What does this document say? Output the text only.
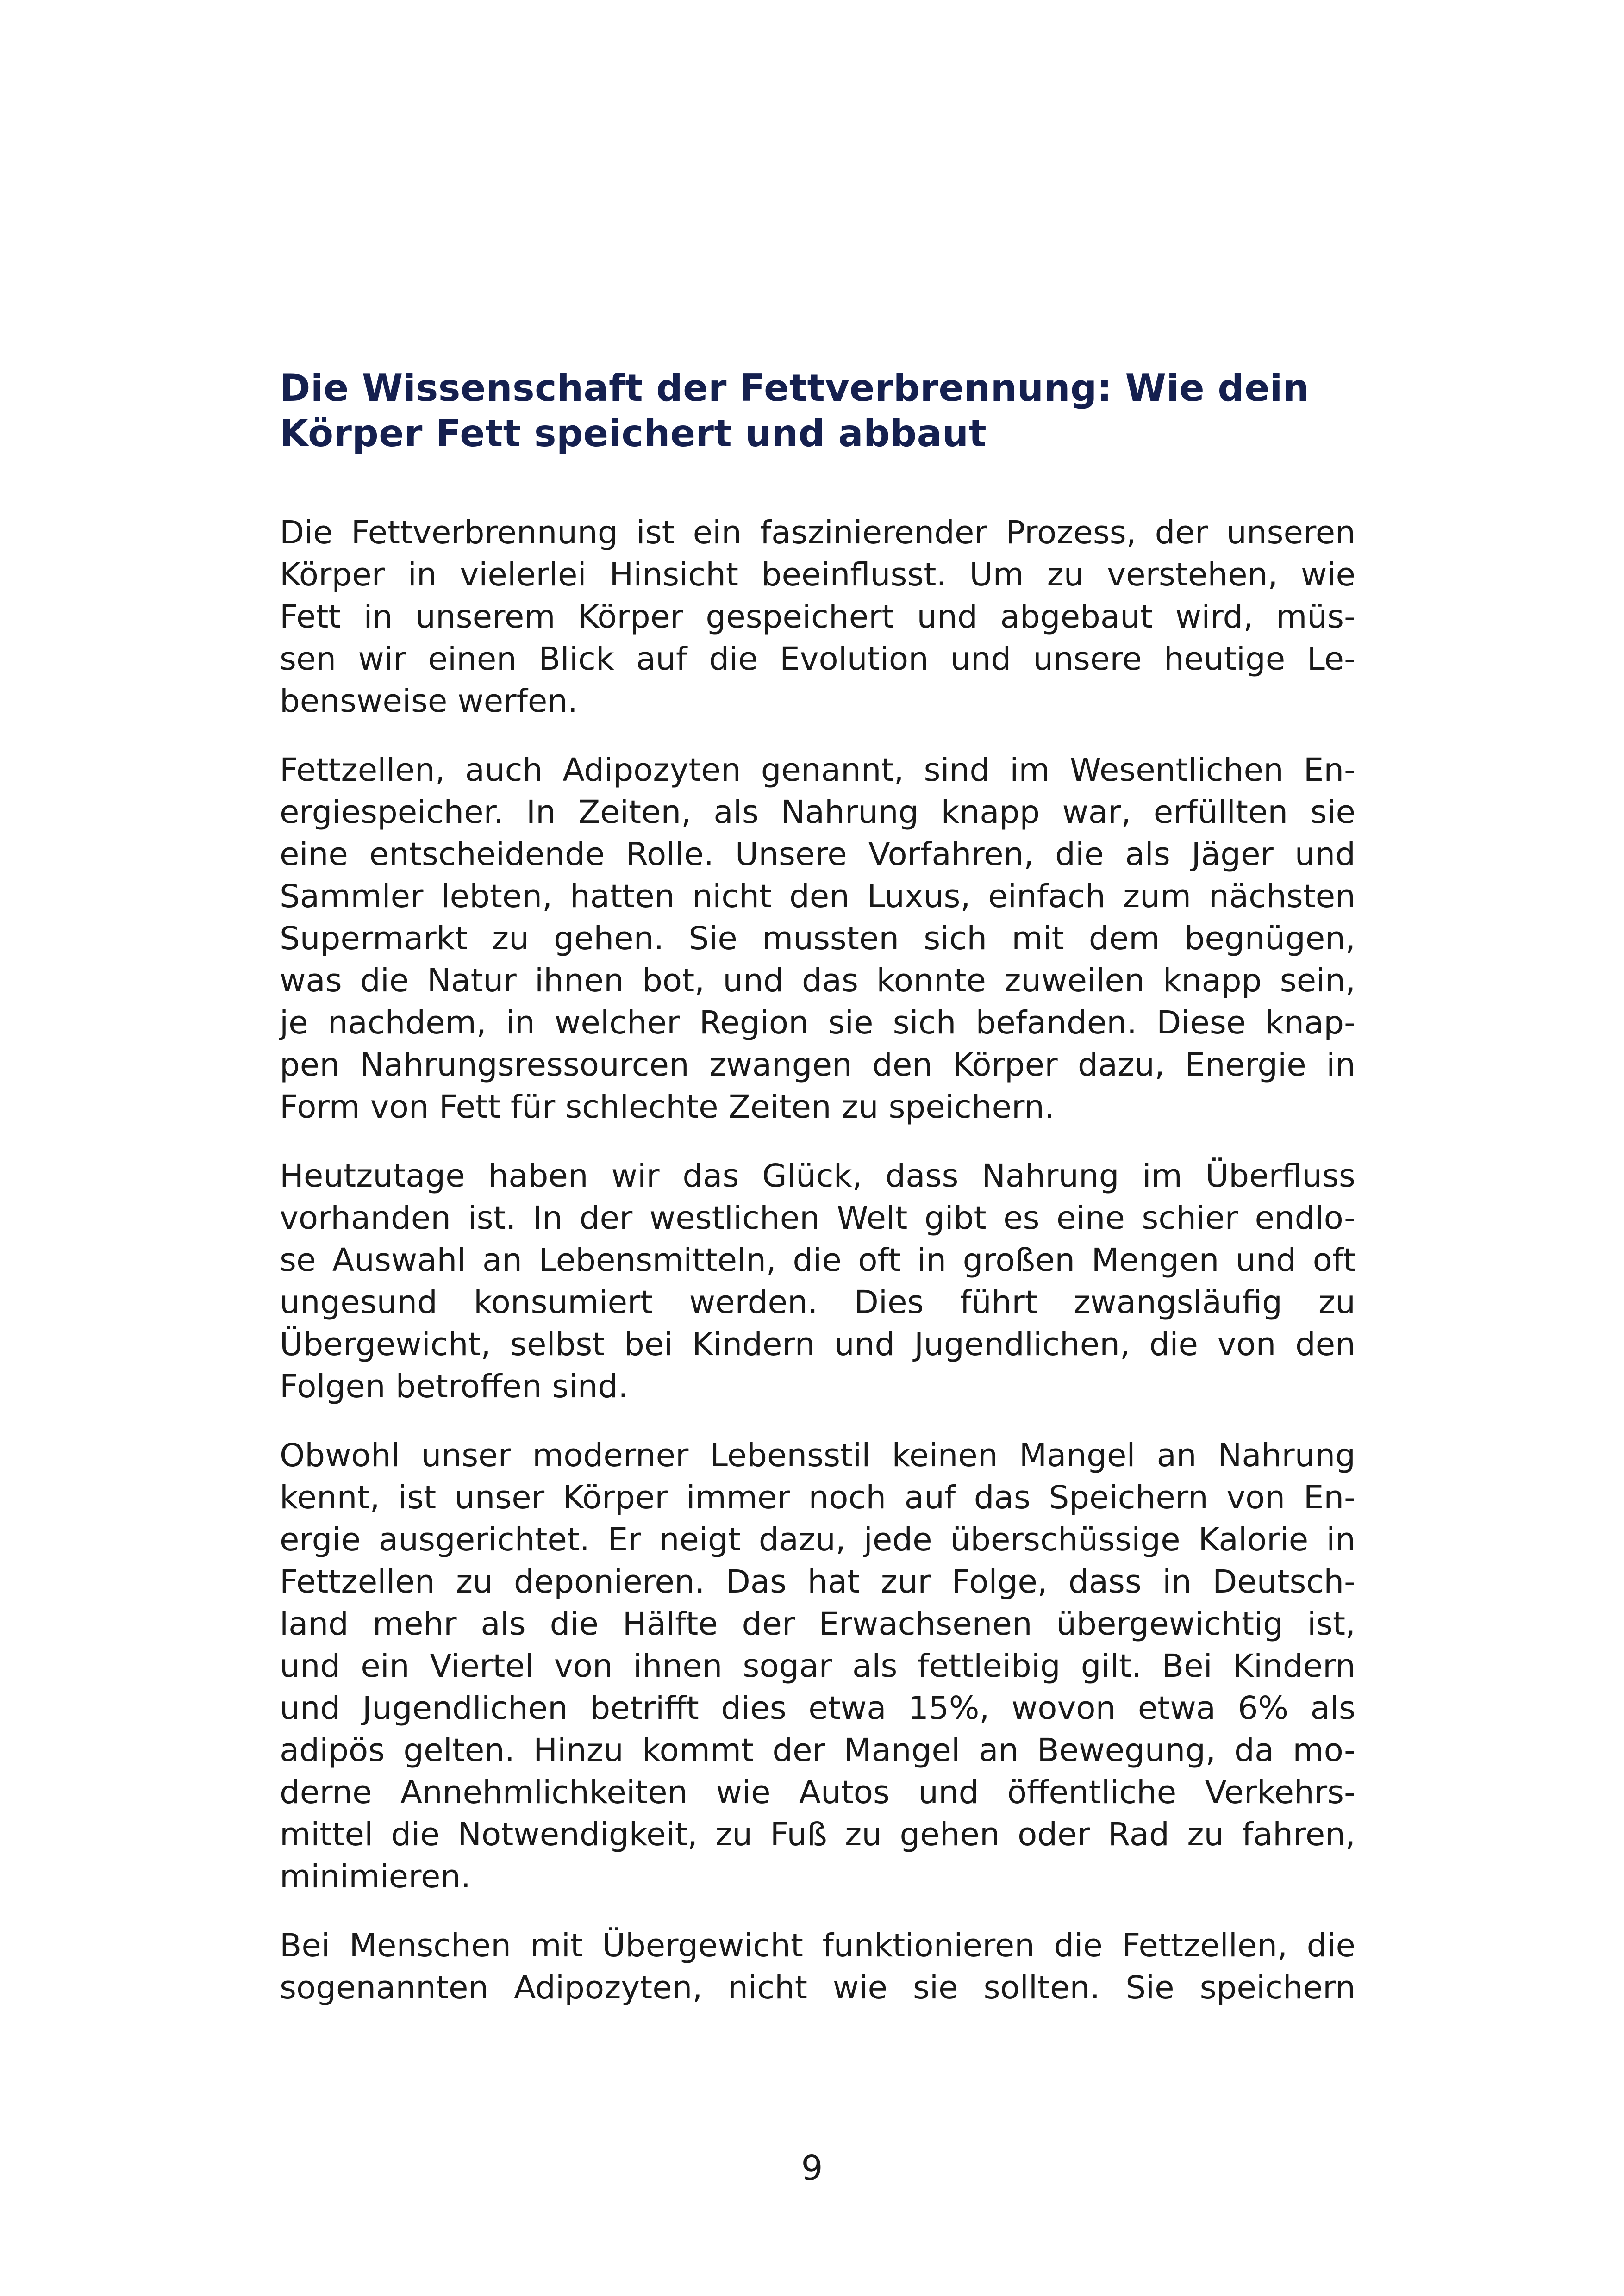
Die Wissenschaft der Fettverbrennung: Wie dein
Körper Fett speichert und abbaut

Die Fettverbrennung ist ein faszinierender Prozess, der unseren
Körper in vielerlei Hinsicht beeinflusst. Um zu verstehen, wie
Fett in unserem Körper gespeichert und abgebaut wird, müs-
sen wir einen Blick auf die Evolution und unsere heutige Le-
bensweise werfen.

Fettzellen, auch Adipozyten genannt, sind im Wesentlichen En-
ergiespeicher. In Zeiten, als Nahrung knapp war, erfüllten sie
eine entscheidende Rolle. Unsere Vorfahren, die als Jäger und
Sammler lebten, hatten nicht den Luxus, einfach zum nächsten
Supermarkt zu gehen. Sie mussten sich mit dem begnügen,
was die Natur ihnen bot, und das konnte zuweilen knapp sein,
je nachdem, in welcher Region sie sich befanden. Diese knap-
pen Nahrungsressourcen zwangen den Körper dazu, Energie in
Form von Fett für schlechte Zeiten zu speichern.

Heutzutage haben wir das Glück, dass Nahrung im Überfluss
vorhanden ist. In der westlichen Welt gibt es eine schier endlo-
se Auswahl an Lebensmitteln, die oft in großen Mengen und oft
ungesund konsumiert werden. Dies führt zwangsläufig zu
Übergewicht, selbst bei Kindern und Jugendlichen, die von den
Folgen betroffen sind.

Obwohl unser moderner Lebensstil keinen Mangel an Nahrung
kennt, ist unser Körper immer noch auf das Speichern von En-
ergie ausgerichtet. Er neigt dazu, jede überschüssige Kalorie in
Fettzellen zu deponieren. Das hat zur Folge, dass in Deutsch-
land mehr als die Hälfte der Erwachsenen übergewichtig ist,
und ein Viertel von ihnen sogar als fettleibig gilt. Bei Kindern
und Jugendlichen betrifft dies etwa 15%, wovon etwa 6% als
adipös gelten. Hinzu kommt der Mangel an Bewegung, da mo-
derne Annehmlichkeiten wie Autos und öffentliche Verkehrs-
mittel die Notwendigkeit, zu Fuß zu gehen oder Rad zu fahren,
minimieren.

Bei Menschen mit Übergewicht funktionieren die Fettzellen, die
sogenannten Adipozyten, nicht wie sie sollten. Sie speichern

9
